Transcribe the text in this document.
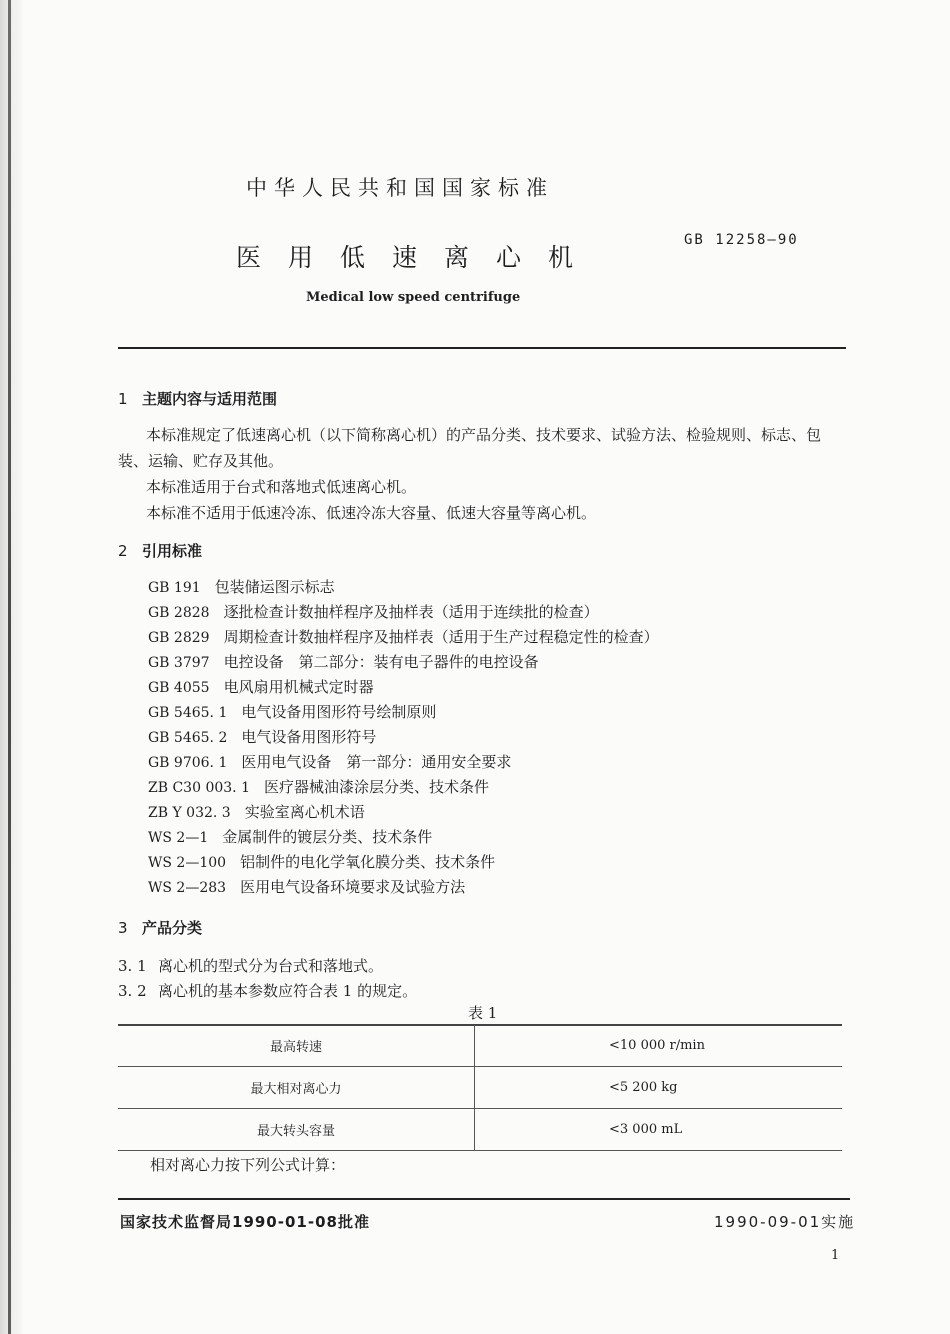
中华人民共和国国家标准
医用低速离心机
GB 12258—90
Medical low speed centrifuge
1 主题内容与适用范围
本标准规定了低速离心机（以下简称离心机）的产品分类、技术要求、试验方法、检验规则、标志、包
装、运输、贮存及其他。
本标准适用于台式和落地式低速离心机。
本标准不适用于低速冷冻、低速冷冻大容量、低速大容量等离心机。
2 引用标准
GB 191 包装储运图示标志
GB 2828 逐批检查计数抽样程序及抽样表（适用于连续批的检查）
GB 2829 周期检查计数抽样程序及抽样表（适用于生产过程稳定性的检查）
GB 3797 电控设备　第二部分：装有电子器件的电控设备
GB 4055 电风扇用机械式定时器
GB 5465. 1 电气设备用图形符号绘制原则
GB 5465. 2 电气设备用图形符号
GB 9706. 1 医用电气设备　第一部分：通用安全要求
ZB C30 003. 1 医疗器械油漆涂层分类、技术条件
ZB Y 032. 3 实验室离心机术语
WS 2—1 金属制件的镀层分类、技术条件
WS 2—100 铝制件的电化学氧化膜分类、技术条件
WS 2—283 医用电气设备环境要求及试验方法
3 产品分类
3. 1 离心机的型式分为台式和落地式。
3. 2 离心机的基本参数应符合表 1 的规定。
表 1
最高转速	<10 000 r/min
最大相对离心力	<5 200 kg
最大转头容量	<3 000 mL
相对离心力按下列公式计算：
国家技术监督局1990-01-08批准	1990-09-01实施
1
